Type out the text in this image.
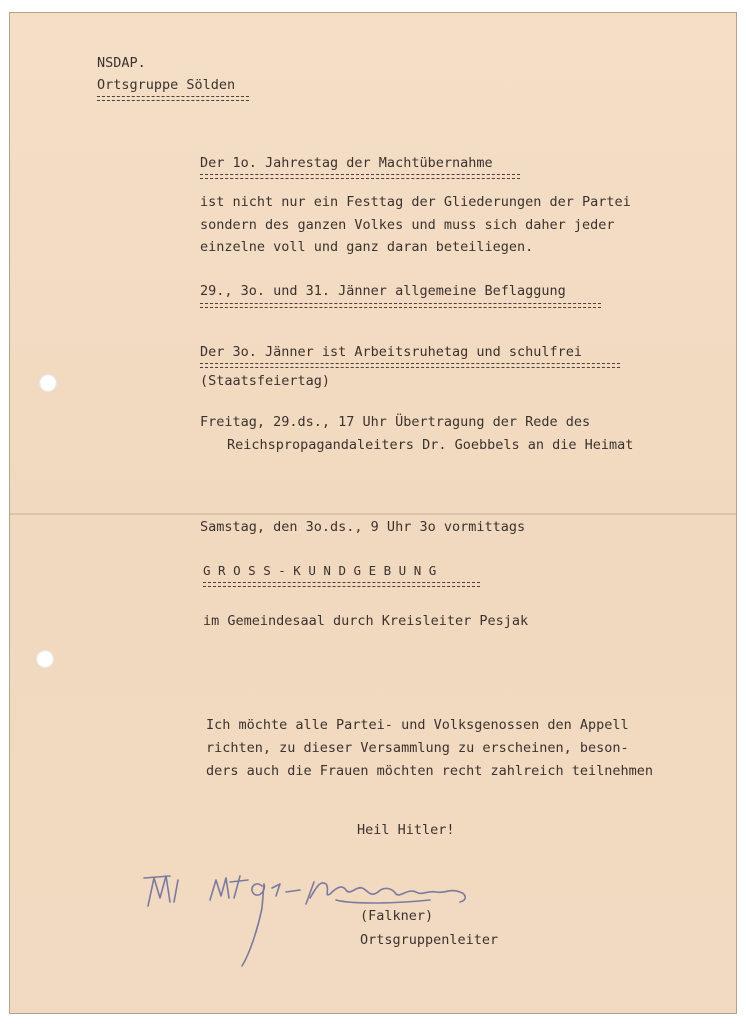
NSDAP.
Ortsgruppe Sölden
Der 1o. Jahrestag der Machtübernahme
ist nicht nur ein Festtag der Gliederungen der Partei
sondern des ganzen Volkes und muss sich daher jeder
einzelne voll und ganz daran beteiliegen.
29., 3o. und 31. Jänner allgemeine Beflaggung
Der 3o. Jänner ist Arbeitsruhetag und schulfrei
(Staatsfeiertag)
Freitag, 29.ds., 17 Uhr Übertragung der Rede des
Reichspropagandaleiters Dr. Goebbels an die Heimat
Samstag, den 3o.ds., 9 Uhr 3o vormittags
G R O S S - K U N D G E B U N G
im Gemeindesaal durch Kreisleiter Pesjak
Ich möchte alle Partei- und Volksgenossen den Appell
richten, zu dieser Versammlung zu erscheinen, beson-
ders auch die Frauen möchten recht zahlreich teilnehmen
Heil Hitler!
(Falkner)
Ortsgruppenleiter
